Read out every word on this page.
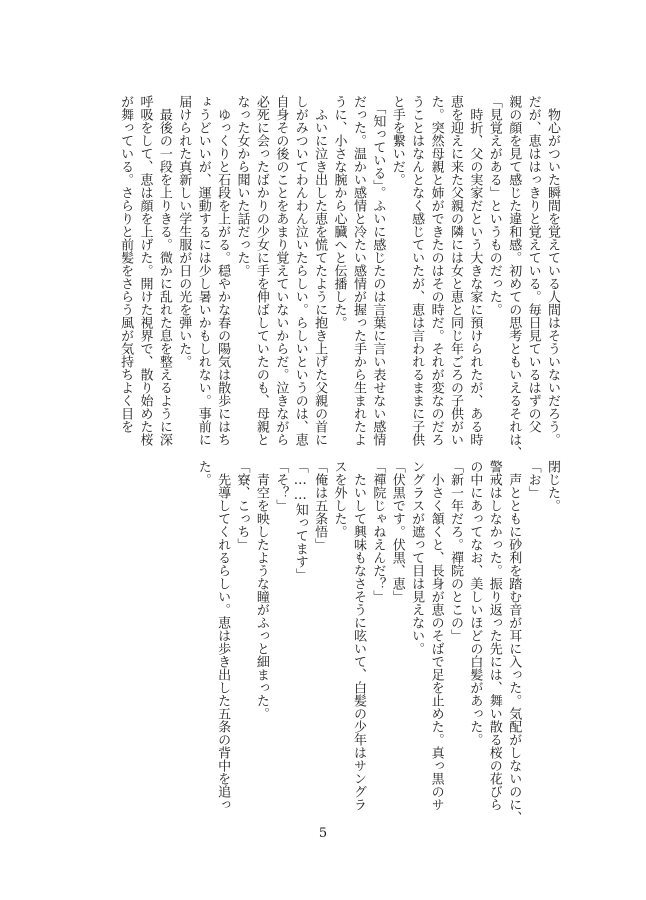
　物心がついた瞬間を覚えている人間はそういないだろう。
だが、恵ははっきりと覚えている。毎日見ているはずの父
親の顔を見て感じた違和感。初めての思考ともいえるそれは、
「見覚えがある」というものだった。
　時折、父の実家だという大きな家に預けられたが、ある時
恵を迎えに来た父親の隣には女と恵と同じ年ごろの子供がい
た。突然母親と姉ができたのはその時だ。それが変なのだろ
うことはなんとなく感じていたが、恵は言われるままに子供
と手を繋いだ。
　「知っている」。ふいに感じたのは言葉に言い表せない感情
だった。温かい感情と冷たい感情が握った手から生まれたよ
うに、小さな腕から心臓へと伝播した。
　ふいに泣き出した恵を慌てたように抱き上げた父親の首に
しがみついてわんわん泣いたらしい。らしいというのは、恵
自身その後のことをあまり覚えていないからだ。泣きながら
必死に会ったばかりの少女に手を伸ばしていたのも、母親と
なった女から聞いた話だった。
　ゆっくりと石段を上がる。穏やかな春の陽気は散歩にはち
ょうどいいが、運動するには少し暑いかもしれない。事前に
届けられた真新しい学生服が日の光を弾いた。
　最後の一段を上りきる。微かに乱れた息を整えるように深
呼吸をして、恵は顔を上げた。開けた視界で、散り始めた桜
が舞っている。さらりと前髪をさらう風が気持ちよく目を
閉じた。
「お」
　声とともに砂利を踏む音が耳に入った。気配がしないのに、
警戒はしなかった。振り返った先には、舞い散る桜の花びら
の中にあってなお、美しいほどの白髪があった。
「新一年だろ。禪院のとこの」
　小さく頷くと、長身が恵のそばで足を止めた。真っ黒のサ
ングラスが遮って目は見えない。
「伏黒です。伏黒、恵」
「禪院じゃねえんだ？」
　たいして興味もなさそうに呟いて、白髪の少年はサングラ
スを外した。
「俺は五条悟」
「……知ってます」
「そ？」
　青空を映したような瞳がふっと細まった。
「寮、こっち」
　先導してくれるらしい。恵は歩き出した五条の背中を追っ
た。
5
